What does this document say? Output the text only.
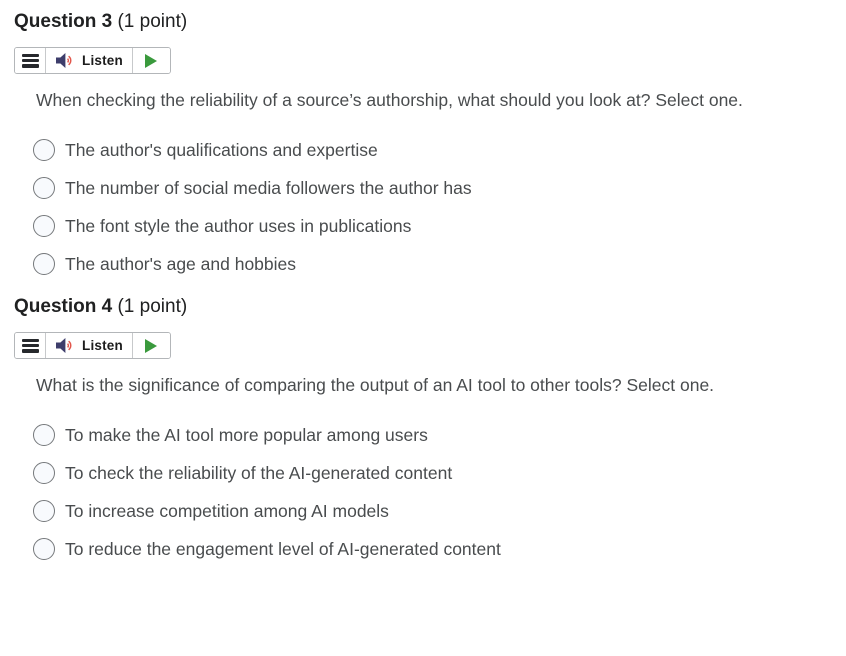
Question 3 (1 point)
Listen

When checking the reliability of a source’s authorship, what should you look at? Select one.

The author's qualifications and expertise
The number of social media followers the author has
The font style the author uses in publications
The author's age and hobbies
Question 4 (1 point)
Listen

What is the significance of comparing the output of an AI tool to other tools? Select one.

To make the AI tool more popular among users
To check the reliability of the AI-generated content
To increase competition among AI models
To reduce the engagement level of AI-generated content
